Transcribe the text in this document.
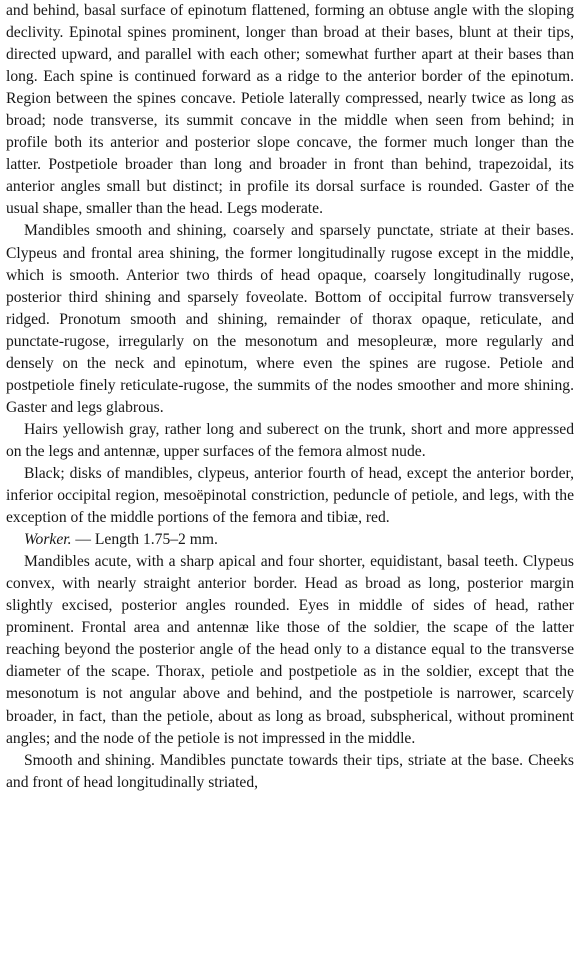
and behind, basal surface of epinotum flattened, forming an obtuse angle with the sloping declivity. Epinotal spines prominent, longer than broad at their bases, blunt at their tips, directed upward, and parallel with each other; somewhat further apart at their bases than long. Each spine is continued forward as a ridge to the anterior border of the epinotum. Region between the spines concave. Petiole laterally compressed, nearly twice as long as broad; node transverse, its summit concave in the middle when seen from behind; in profile both its anterior and posterior slope concave, the former much longer than the latter. Postpetiole broader than long and broader in front than behind, trapezoidal, its anterior angles small but distinct; in profile its dorsal surface is rounded. Gaster of the usual shape, smaller than the head. Legs moderate.

Mandibles smooth and shining, coarsely and sparsely punctate, striate at their bases. Clypeus and frontal area shining, the former longitudinally rugose except in the middle, which is smooth. Anterior two thirds of head opaque, coarsely longitudinally rugose, posterior third shining and sparsely foveolate. Bottom of occipital furrow transversely ridged. Pronotum smooth and shining, remainder of thorax opaque, reticulate, and punctate-rugose, irregularly on the mesonotum and mesopleuræ, more regularly and densely on the neck and epinotum, where even the spines are rugose. Petiole and postpetiole finely reticulate-rugose, the summits of the nodes smoother and more shining. Gaster and legs glabrous.

Hairs yellowish gray, rather long and suberect on the trunk, short and more appressed on the legs and antennæ, upper surfaces of the femora almost nude.

Black; disks of mandibles, clypeus, anterior fourth of head, except the anterior border, inferior occipital region, mesoëpinotal constriction, peduncle of petiole, and legs, with the exception of the middle portions of the femora and tibiæ, red.

Worker. — Length 1.75–2 mm.

Mandibles acute, with a sharp apical and four shorter, equidistant, basal teeth. Clypeus convex, with nearly straight anterior border. Head as broad as long, posterior margin slightly excised, posterior angles rounded. Eyes in middle of sides of head, rather prominent. Frontal area and antennæ like those of the soldier, the scape of the latter reaching beyond the posterior angle of the head only to a distance equal to the transverse diameter of the scape. Thorax, petiole and postpetiole as in the soldier, except that the mesonotum is not angular above and behind, and the postpetiole is narrower, scarcely broader, in fact, than the petiole, about as long as broad, subspherical, without prominent angles; and the node of the petiole is not impressed in the middle.

Smooth and shining. Mandibles punctate towards their tips, striate at the base. Cheeks and front of head longitudinally striated,
